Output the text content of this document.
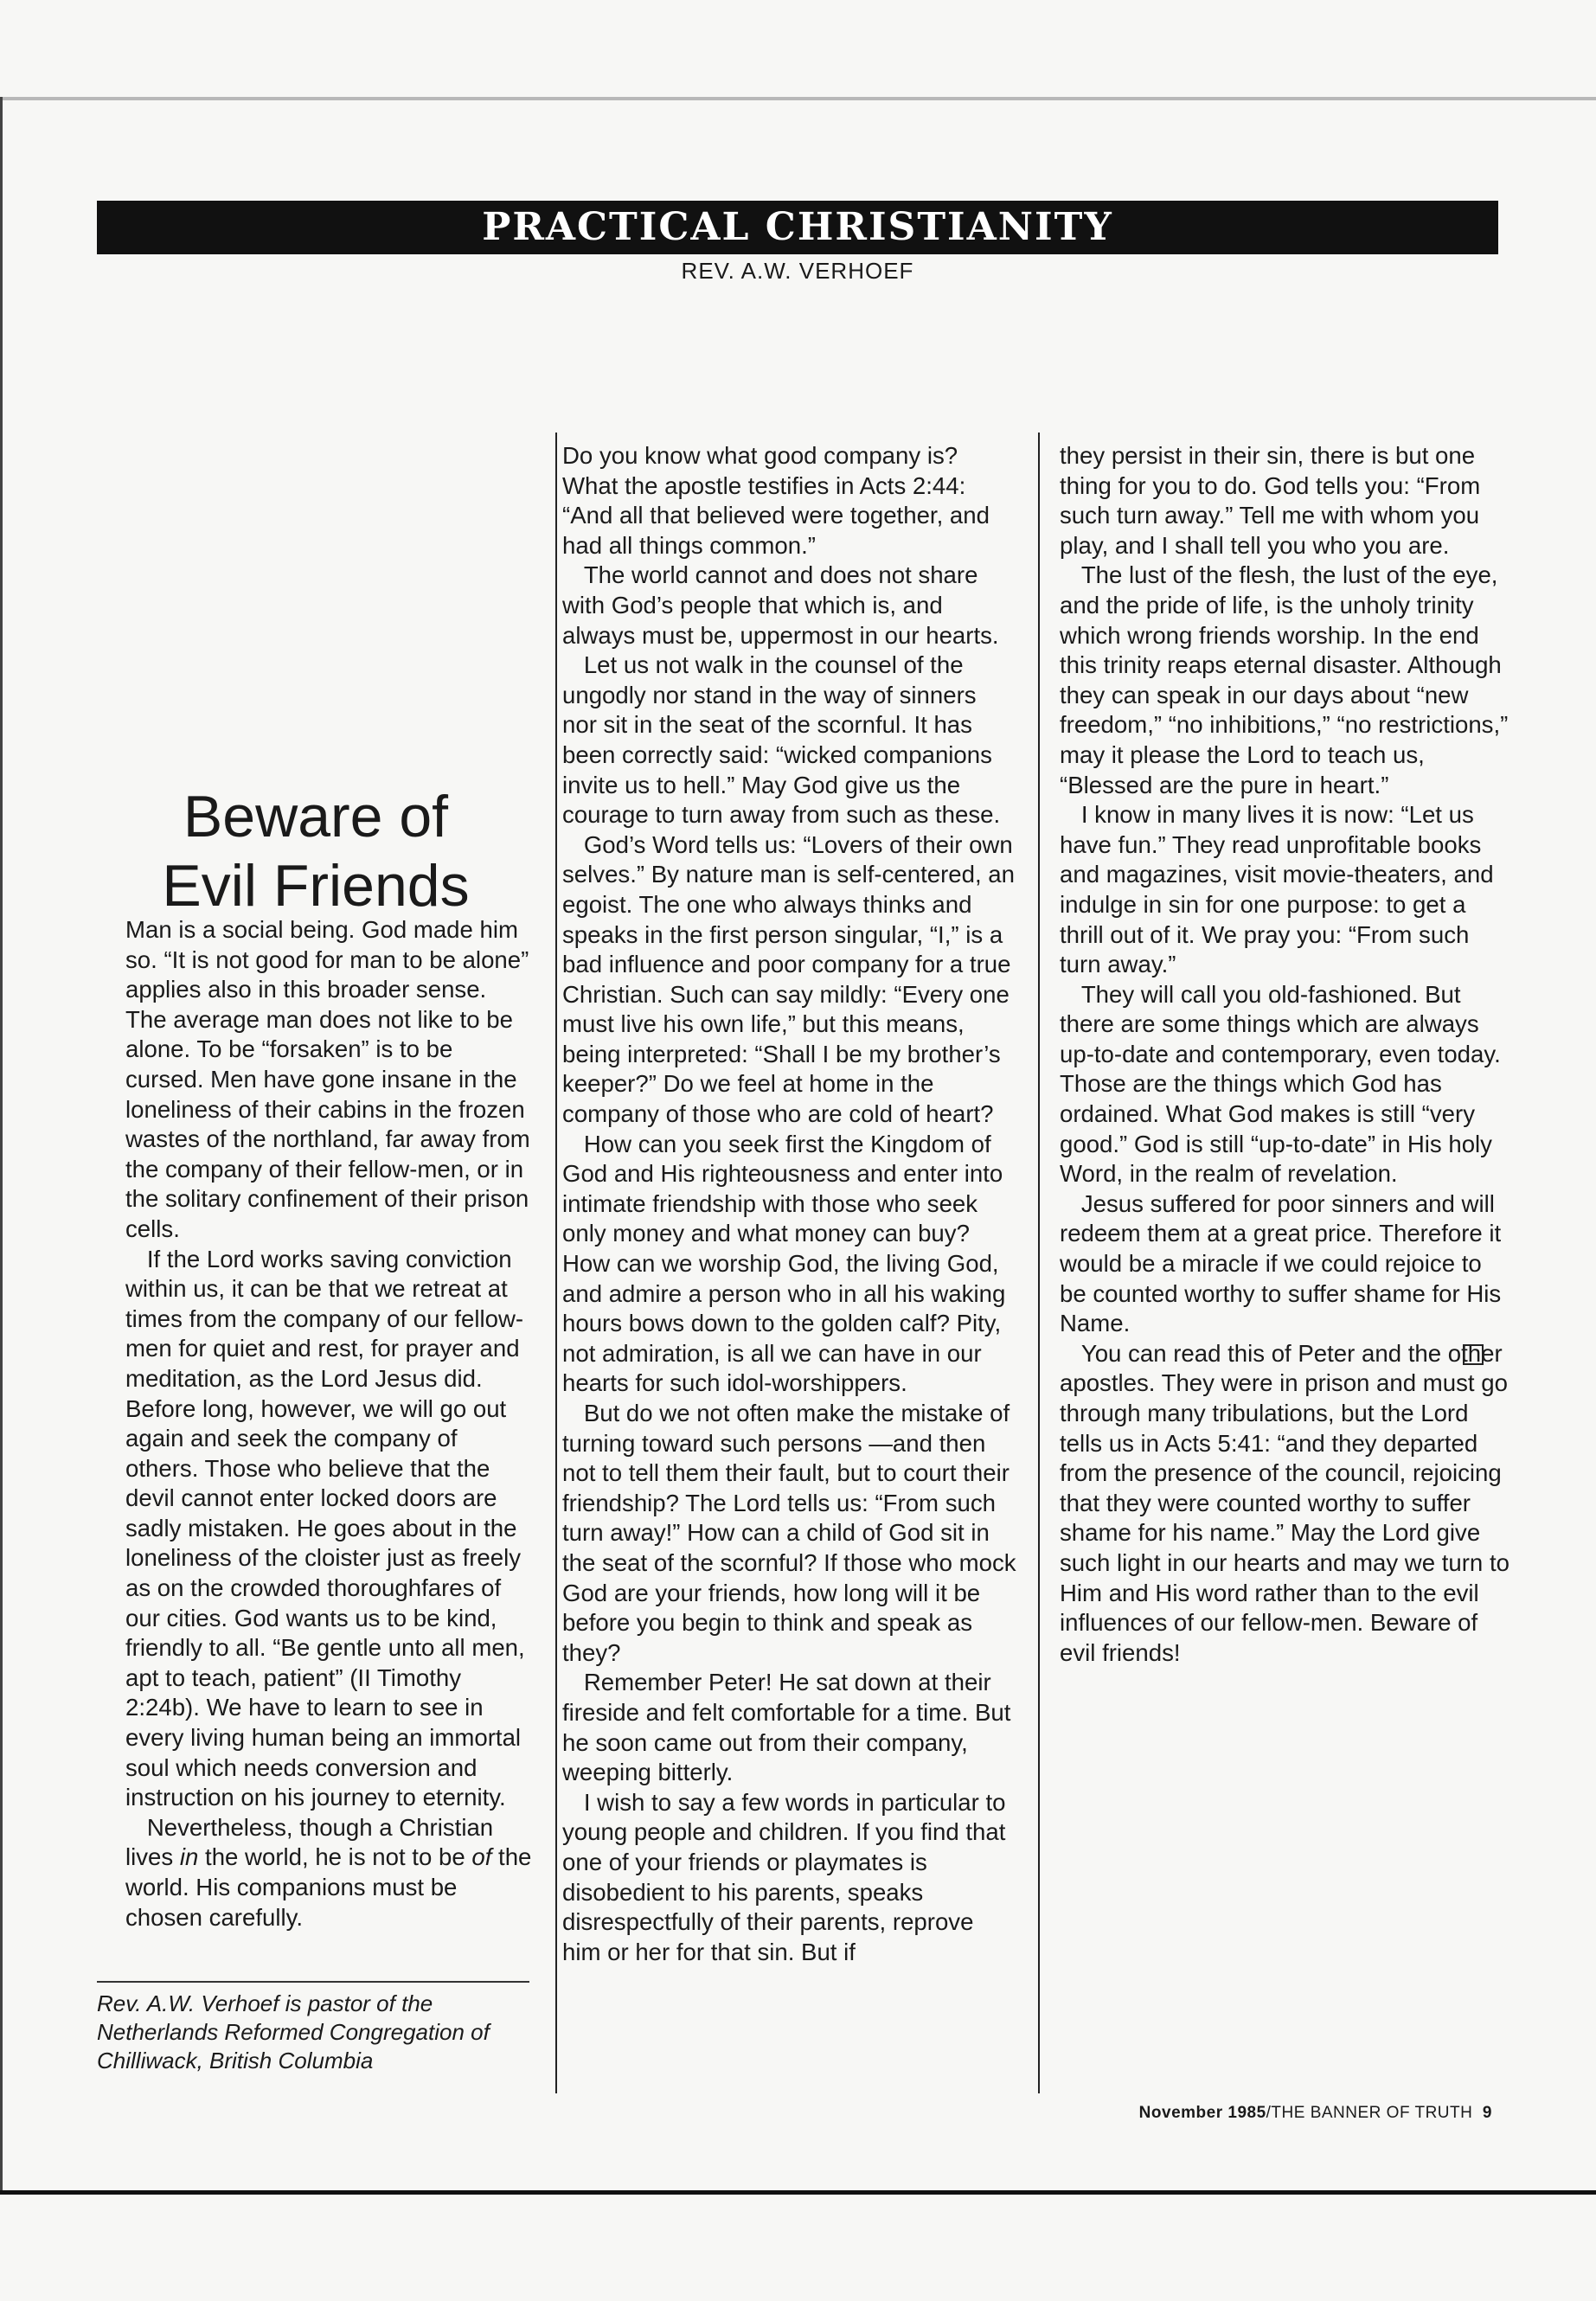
PRACTICAL CHRISTIANITY
REV. A.W. VERHOEF
Beware of
Evil Friends

Man is a social being. God made him so. “It is not good for man to be alone” applies also in this broader sense. The average man does not like to be alone. To be “forsaken” is to be cursed. Men have gone insane in the loneliness of their cabins in the frozen wastes of the northland, far away from the company of their fellow-men, or in the solitary confinement of their prison cells.

If the Lord works saving conviction within us, it can be that we retreat at times from the company of our fellow-men for quiet and rest, for prayer and meditation, as the Lord Jesus did. Before long, however, we will go out again and seek the company of others. Those who believe that the devil cannot enter locked doors are sadly mistaken. He goes about in the loneliness of the cloister just as freely as on the crowded thoroughfares of our cities. God wants us to be kind, friendly to all. “Be gentle unto all men, apt to teach, patient” (II Timothy 2:24b). We have to learn to see in every living human being an immortal soul which needs conversion and instruction on his journey to eternity.

Nevertheless, though a Christian lives in the world, he is not to be of the world. His companions must be chosen carefully.

Do you know what good company is? What the apostle testifies in Acts 2:44: “And all that believed were together, and had all things common.”

The world cannot and does not share with God’s people that which is, and always must be, uppermost in our hearts.

Let us not walk in the counsel of the ungodly nor stand in the way of sinners nor sit in the seat of the scornful. It has been correctly said: “wicked companions invite us to hell.” May God give us the courage to turn away from such as these.

God’s Word tells us: “Lovers of their own selves.” By nature man is self-centered, an egoist. The one who always thinks and speaks in the first person singular, “I,” is a bad influence and poor company for a true Christian. Such can say mildly: “Every one must live his own life,” but this means, being interpreted: “Shall I be my brother’s keeper?” Do we feel at home in the company of those who are cold of heart?

How can you seek first the Kingdom of God and His righteousness and enter into intimate friendship with those who seek only money and what money can buy? How can we worship God, the living God, and admire a person who in all his waking hours bows down to the golden calf? Pity, not admiration, is all we can have in our hearts for such idol-worshippers.

But do we not often make the mistake of turning toward such persons —and then not to tell them their fault, but to court their friendship? The Lord tells us: “From such turn away!” How can a child of God sit in the seat of the scornful? If those who mock God are your friends, how long will it be before you begin to think and speak as they?

Remember Peter! He sat down at their fireside and felt comfortable for a time. But he soon came out from their company, weeping bitterly.

I wish to say a few words in particular to young people and children. If you find that one of your friends or playmates is disobedient to his parents, speaks disrespectfully of their parents, reprove him or her for that sin. But if

they persist in their sin, there is but one thing for you to do. God tells you: “From such turn away.” Tell me with whom you play, and I shall tell you who you are.

The lust of the flesh, the lust of the eye, and the pride of life, is the unholy trinity which wrong friends worship. In the end this trinity reaps eternal disaster. Although they can speak in our days about “new freedom,” “no inhibitions,” “no restrictions,” may it please the Lord to teach us, “Blessed are the pure in heart.”

I know in many lives it is now: “Let us have fun.” They read unprofitable books and magazines, visit movie-theaters, and indulge in sin for one purpose: to get a thrill out of it. We pray you: “From such turn away.”

They will call you old-fashioned. But there are some things which are always up-to-date and contemporary, even today. Those are the things which God has ordained. What God makes is still “very good.” God is still “up-to-date” in His holy Word, in the realm of revelation.

Jesus suffered for poor sinners and will redeem them at a great price. Therefore it would be a miracle if we could rejoice to be counted worthy to suffer shame for His Name.

You can read this of Peter and the other apostles. They were in prison and must go through many tribulations, but the Lord tells us in Acts 5:41: “and they departed from the presence of the council, rejoicing that they were counted worthy to suffer shame for his name.” May the Lord give such light in our hearts and may we turn to Him and His word rather than to the evil influences of our fellow-men. Beware of evil friends!

Rev. A.W. Verhoef is pastor of the Netherlands Reformed Congregation of Chilliwack, British Columbia
November 1985/THE BANNER OF TRUTH 9
